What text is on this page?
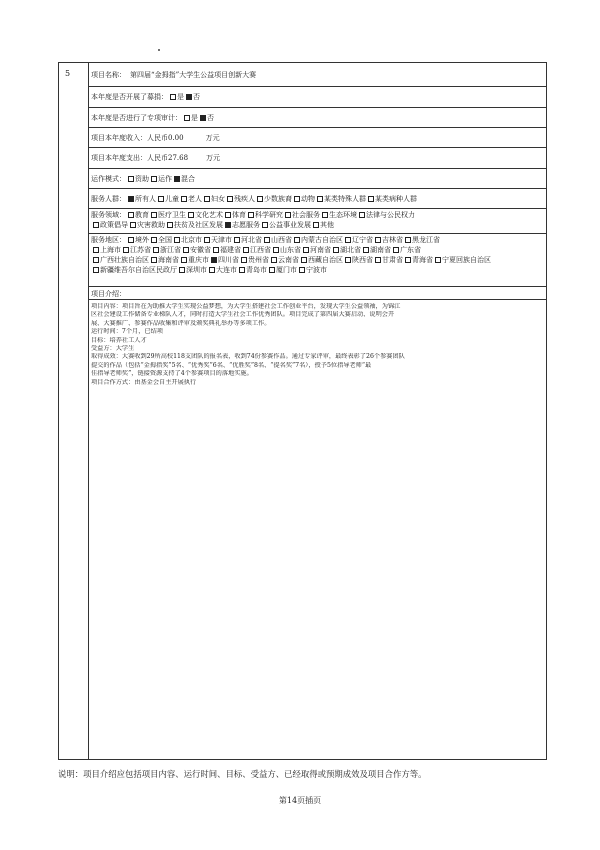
5	项目名称： 第四届“金拇指”大学生公益项目创新大赛
本年度是否开展了募捐： 是 否
本年度是否进行了专项审计： 是 否
项目本年度收入：人民币 0.00	万元
项目本年度支出： 人民币 27.68	万元
运作模式： 资助 运作 混合
服务人群：	所有人 儿童 老人 妇女 残疾人 少数族裔 动物 某类特殊人群 某类病种人群
服务领域： 教育 医疗卫生 文化艺术 体育 科学研究 社会服务 生态环境 法律与公民权力
政策倡导 灾害救助 扶贫及社区发展 志愿服务 公益事业发展 其他
服务地区： 境外 全国 北京市 天津市 河北省 山西省 内蒙古自治区 辽宁省 吉林省 黑龙江省
上海市 江苏省 浙江省 安徽省 福建省 江西省 山东省 河南省 湖北省 湖南省 广东省
广西壮族自治区 海南省 重庆市 四川省 贵州省 云南省 西藏自治区 陕西省 甘肃省 青海省 宁夏回族自治区
新疆维吾尔自治区民政厅 深圳市 大连市 青岛市 厦门市 宁波市
项目介绍：
项目内容：项目旨在为助推大学生实现公益梦想，为大学生搭建社会工作创业平台，发现大学生公益领袖，为锦江
区社会建设工作储备专业梯队人才，同时打造大学生社会工作优秀团队。项目完成了第四届大赛启动、说明会开
展、大赛推广、参赛作品收集和评审及颁奖典礼举办等多项工作。
运行时间：7个月，已结项
目标：培养社工人才
受益方：大学生
取得成效：大赛收到29所高校118支团队的报名表，收到74份参赛作品。通过专家评审，最终表彰了26个参赛团队
提交的作品（包括“金拇指奖”5名、“优秀奖”6名、“优胜奖”8名、“提名奖”7名），授予5位指导老师“最
佳指导老师奖”，链接资源支持了4个参赛项目的落地实施。
项目合作方式：由基金会自主开展执行
说明：项目介绍应包括项目内容、运行时间、目标、受益方、已经取得或预期成效及项目合作方等。
第14页插页
